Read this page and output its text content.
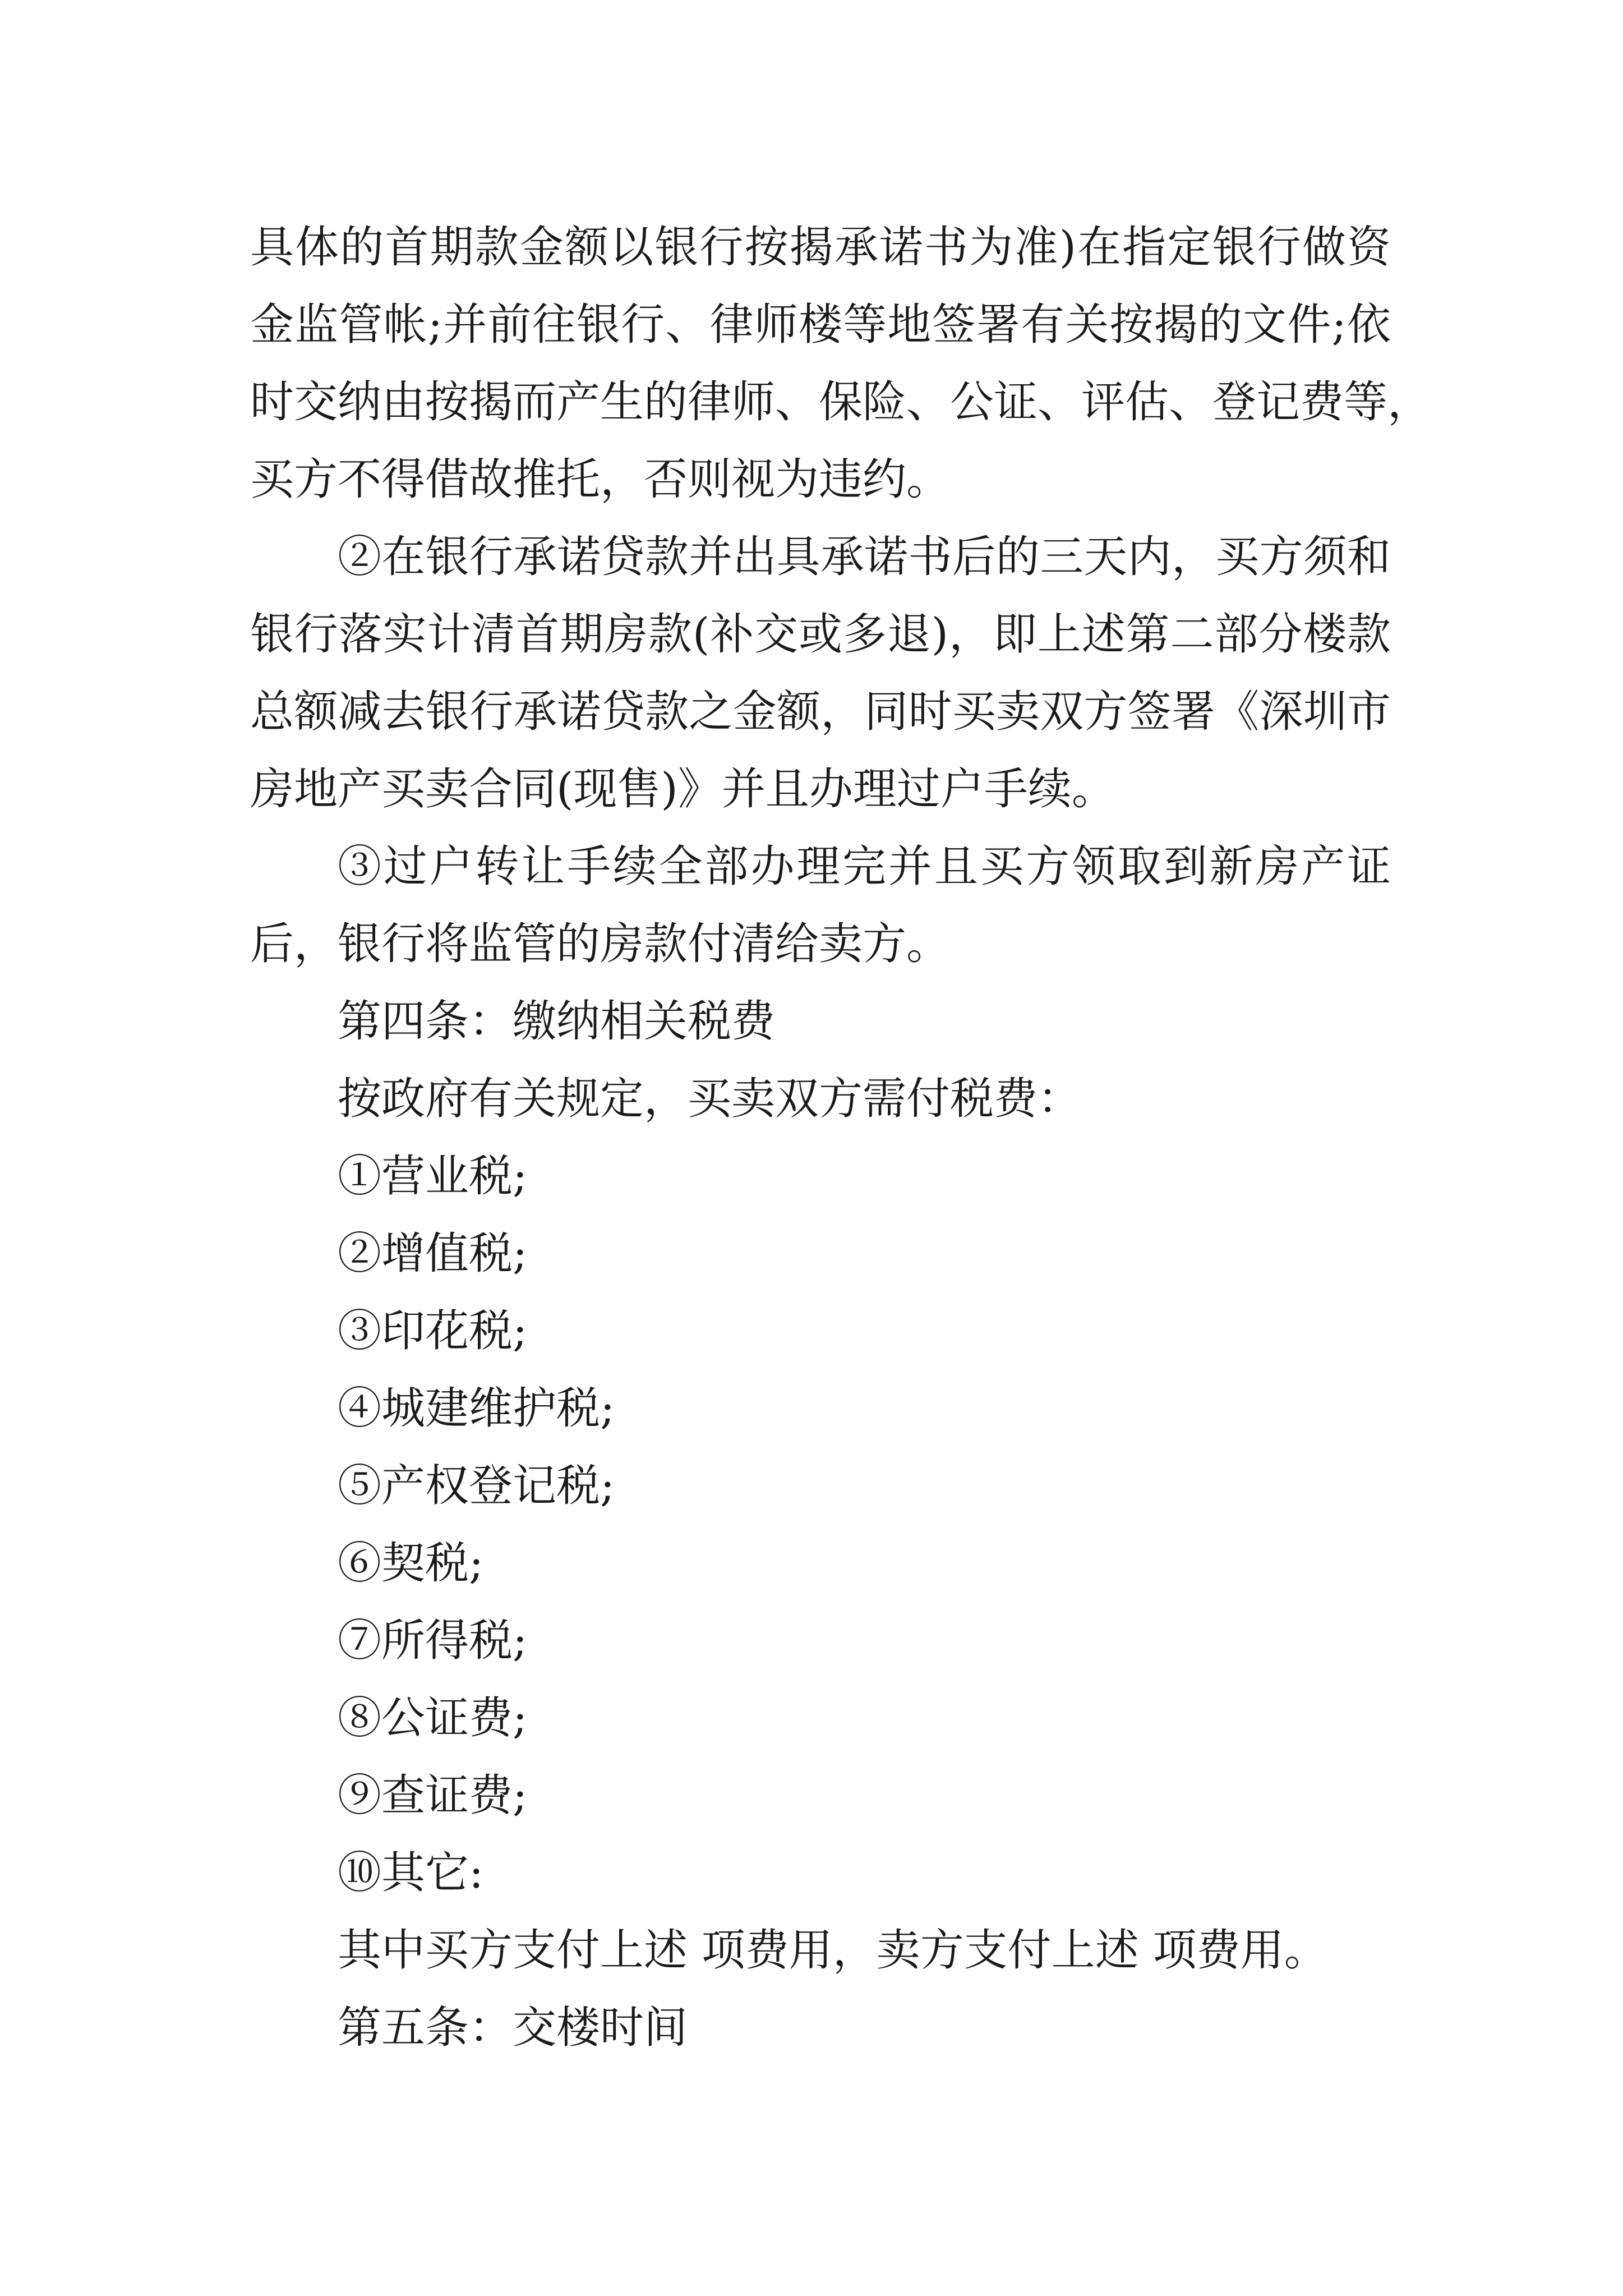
具体的首期款金额以银行按揭承诺书为准)在指定银行做资
金监管帐;并前往银行、律师楼等地签署有关按揭的文件;依
时交纳由按揭而产生的律师、保险、公证、评估、登记费等，
买方不得借故推托，否则视为违约。
②在银行承诺贷款并出具承诺书后的三天内，买方须和
银行落实计清首期房款(补交或多退)，即上述第二部分楼款
总额减去银行承诺贷款之金额，同时买卖双方签署《深圳市
房地产买卖合同(现售)》并且办理过户手续。
③过户转让手续全部办理完并且买方领取到新房产证
后，银行将监管的房款付清给卖方。
第四条：缴纳相关税费
按政府有关规定，买卖双方需付税费：
①营业税;
②增值税;
③印花税;
④城建维护税;
⑤产权登记税;
⑥契税;
⑦所得税;
⑧公证费;
⑨查证费;
⑩其它:
其中买方支付上述 项费用，卖方支付上述 项费用。
第五条：交楼时间
